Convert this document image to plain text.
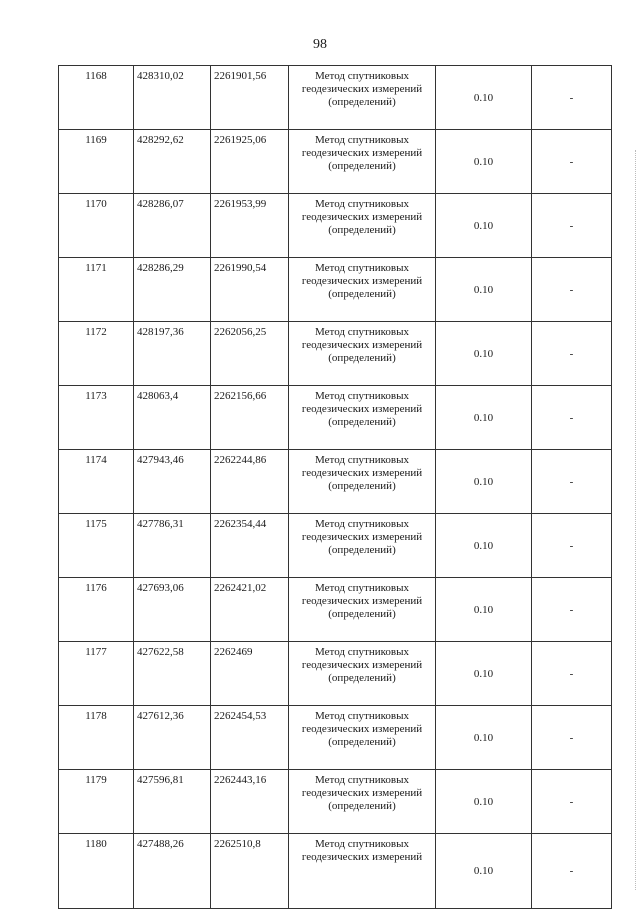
98
1168	428310,02	2261901,56	Метод спутниковых
геодезических измерений
(определений)	0.10	-
1169	428292,62	2261925,06	Метод спутниковых
геодезических измерений
(определений)	0.10	-
1170	428286,07	2261953,99	Метод спутниковых
геодезических измерений
(определений)	0.10	-
1171	428286,29	2261990,54	Метод спутниковых
геодезических измерений
(определений)	0.10	-
1172	428197,36	2262056,25	Метод спутниковых
геодезических измерений
(определений)	0.10	-
1173	428063,4	2262156,66	Метод спутниковых
геодезических измерений
(определений)	0.10	-
1174	427943,46	2262244,86	Метод спутниковых
геодезических измерений
(определений)	0.10	-
1175	427786,31	2262354,44	Метод спутниковых
геодезических измерений
(определений)	0.10	-
1176	427693,06	2262421,02	Метод спутниковых
геодезических измерений
(определений)	0.10	-
1177	427622,58	2262469	Метод спутниковых
геодезических измерений
(определений)	0.10	-
1178	427612,36	2262454,53	Метод спутниковых
геодезических измерений
(определений)	0.10	-
1179	427596,81	2262443,16	Метод спутниковых
геодезических измерений
(определений)	0.10	-
1180	427488,26	2262510,8	Метод спутниковых
геодезических измерений	0.10	-
